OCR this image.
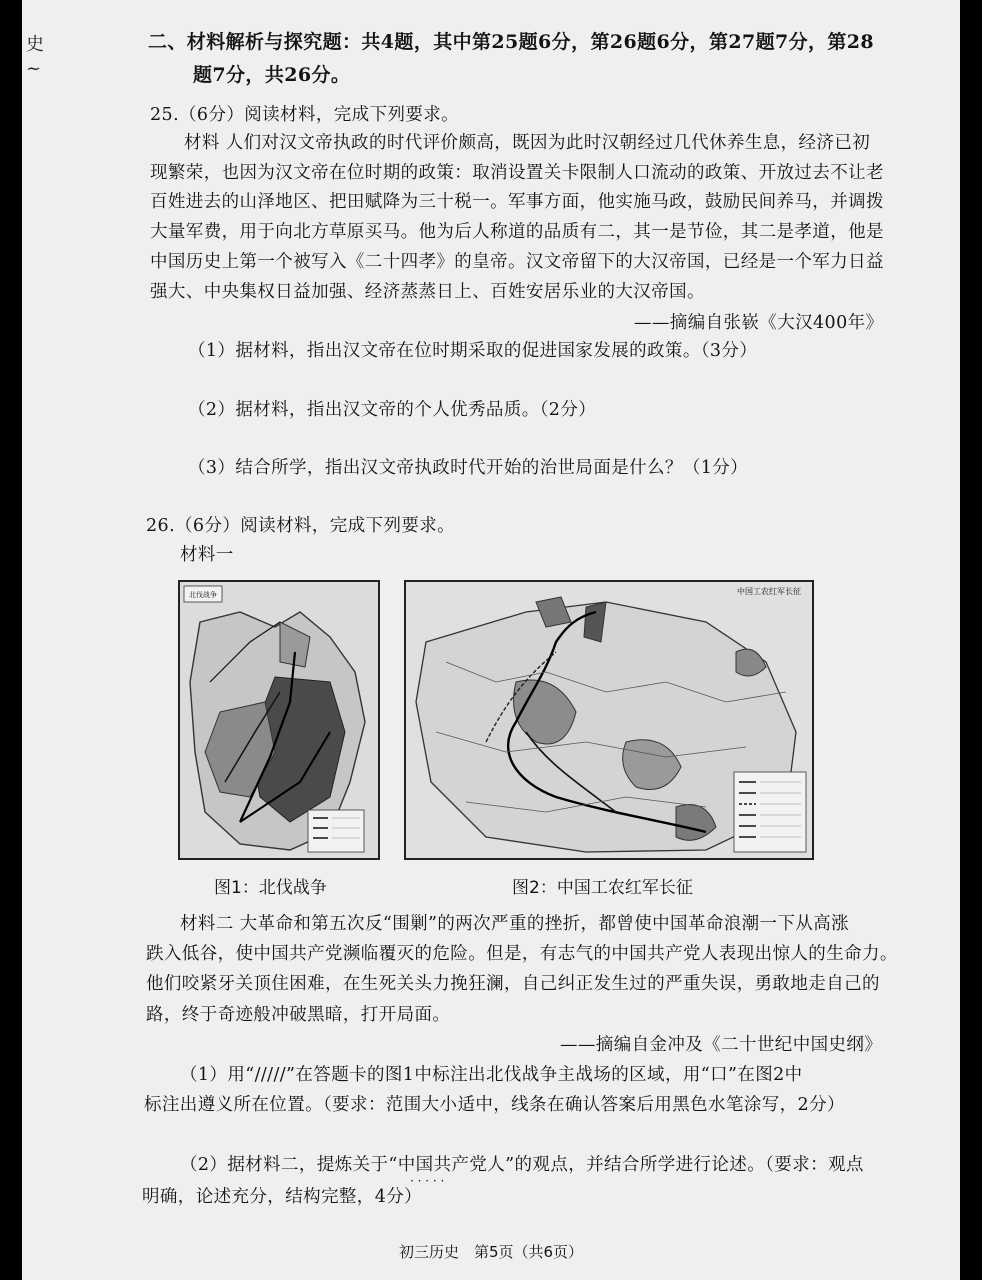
史
~
二、材料解析与探究题：共4题，其中第25题6分，第26题6分，第27题7分，第28
题7分，共26分。
25.（6分）阅读材料，完成下列要求。
材料 人们对汉文帝执政的时代评价颇高，既因为此时汉朝经过几代休养生息，经济已初
现繁荣，也因为汉文帝在位时期的政策：取消设置关卡限制人口流动的政策、开放过去不让老
百姓进去的山泽地区、把田赋降为三十税一。军事方面，他实施马政，鼓励民间养马，并调拨
大量军费，用于向北方草原买马。他为后人称道的品质有二，其一是节俭，其二是孝道，他是
中国历史上第一个被写入《二十四孝》的皇帝。汉文帝留下的大汉帝国，已经是一个军力日益
强大、中央集权日益加强、经济蒸蒸日上、百姓安居乐业的大汉帝国。
——摘编自张嵚《大汉400年》
（1）据材料，指出汉文帝在位时期采取的促进国家发展的政策。（3分）
（2）据材料，指出汉文帝的个人优秀品质。（2分）
（3）结合所学，指出汉文帝执政时代开始的治世局面是什么？（1分）
26.（6分）阅读材料，完成下列要求。
材料一
北伐战争	中国工农红军长征
图1：北伐战争	图2：中国工农红军长征
材料二 大革命和第五次反“围剿”的两次严重的挫折，都曾使中国革命浪潮一下从高涨
跌入低谷，使中国共产党濒临覆灭的危险。但是，有志气的中国共产党人表现出惊人的生命力。
他们咬紧牙关顶住困难，在生死关头力挽狂澜，自己纠正发生过的严重失误，勇敢地走自己的
路，终于奇迹般冲破黑暗，打开局面。
——摘编自金冲及《二十世纪中国史纲》
（1）用“/////”在答题卡的图1中标注出北伐战争主战场的区域，用“口”在图2中
标注出遵义所在位置。（要求：范围大小适中，线条在确认答案后用黑色水笔涂写，2分）
（2）据材料二，提炼关于“中国共产党人”的观点，并结合所学进行论述。（要求：观点
明确，论述充分，结构完整，4分）
· · · · ·
初三历史　第5页（共6页）
